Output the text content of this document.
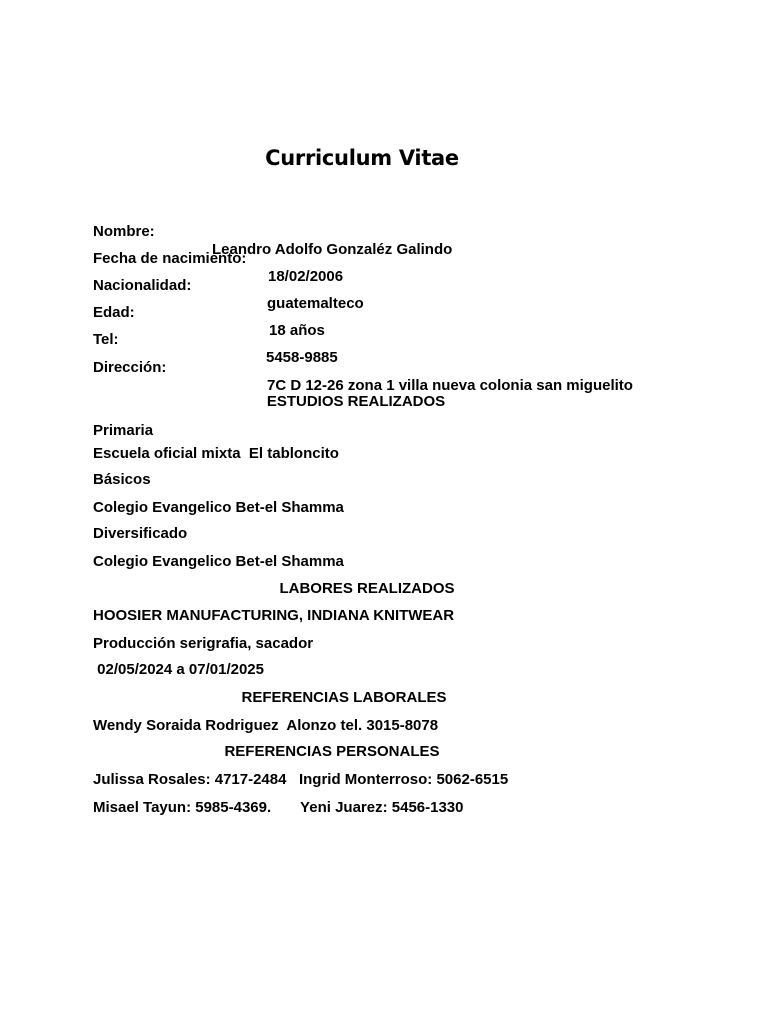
Curriculum Vitae

Nombre:

Leandro Adolfo Gonzaléz Galindo

Fecha de nacimiento:

18/02/2006

Nacionalidad:

guatemalteco

Edad:

18 años

Tel:

5458-9885

Dirección:

7C D 12-26 zona 1 villa nueva colonia san miguelito

ESTUDIOS REALIZADOS
Primaria
Escuela oficial mixta  El tabloncito
Básicos
Colegio Evangelico Bet-el Shamma
Diversificado
Colegio Evangelico Bet-el Shamma
LABORES REALIZADOS
HOOSIER MANUFACTURING, INDIANA KNITWEAR
Producción serigrafia, sacador
02/05/2024 a 07/01/2025
REFERENCIAS LABORALES
Wendy Soraida Rodriguez  Alonzo tel. 3015-8078
REFERENCIAS PERSONALES
Julissa Rosales: 4717-2484   Ingrid Monterroso: 5062-6515
Misael Tayun: 5985-4369.       Yeni Juarez: 5456-1330
